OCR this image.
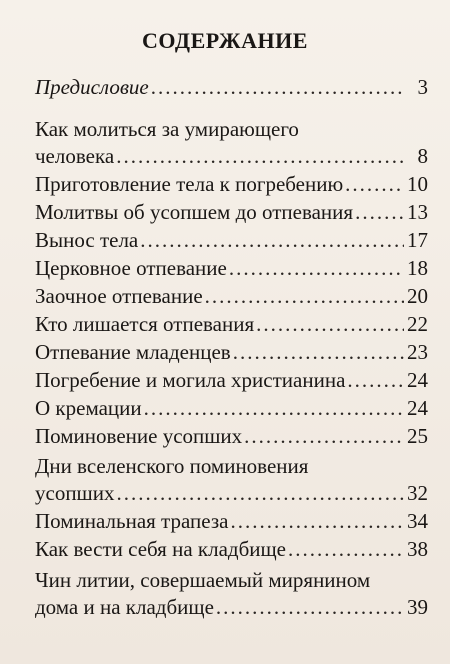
СОДЕРЖАНИЕ
Предисловие .....	3
Как молиться за умирающего
человека .....	8
Приготовление тела к погребению .....	10
Молитвы об усопшем до отпевания .....	13
Вынос тела .....	17
Церковное отпевание .....	18
Заочное отпевание .....	20
Кто лишается отпевания .....	22
Отпевание младенцев .....	23
Погребение и могила христианина .....	24
О кремации .....	24
Поминовение усопших .....	25
Дни вселенского поминовения
усопших .....	32
Поминальная трапеза .....	34
Как вести себя на кладбище .....	38
Чин литии, совершаемый мирянином
дома и на кладбище .....	39
